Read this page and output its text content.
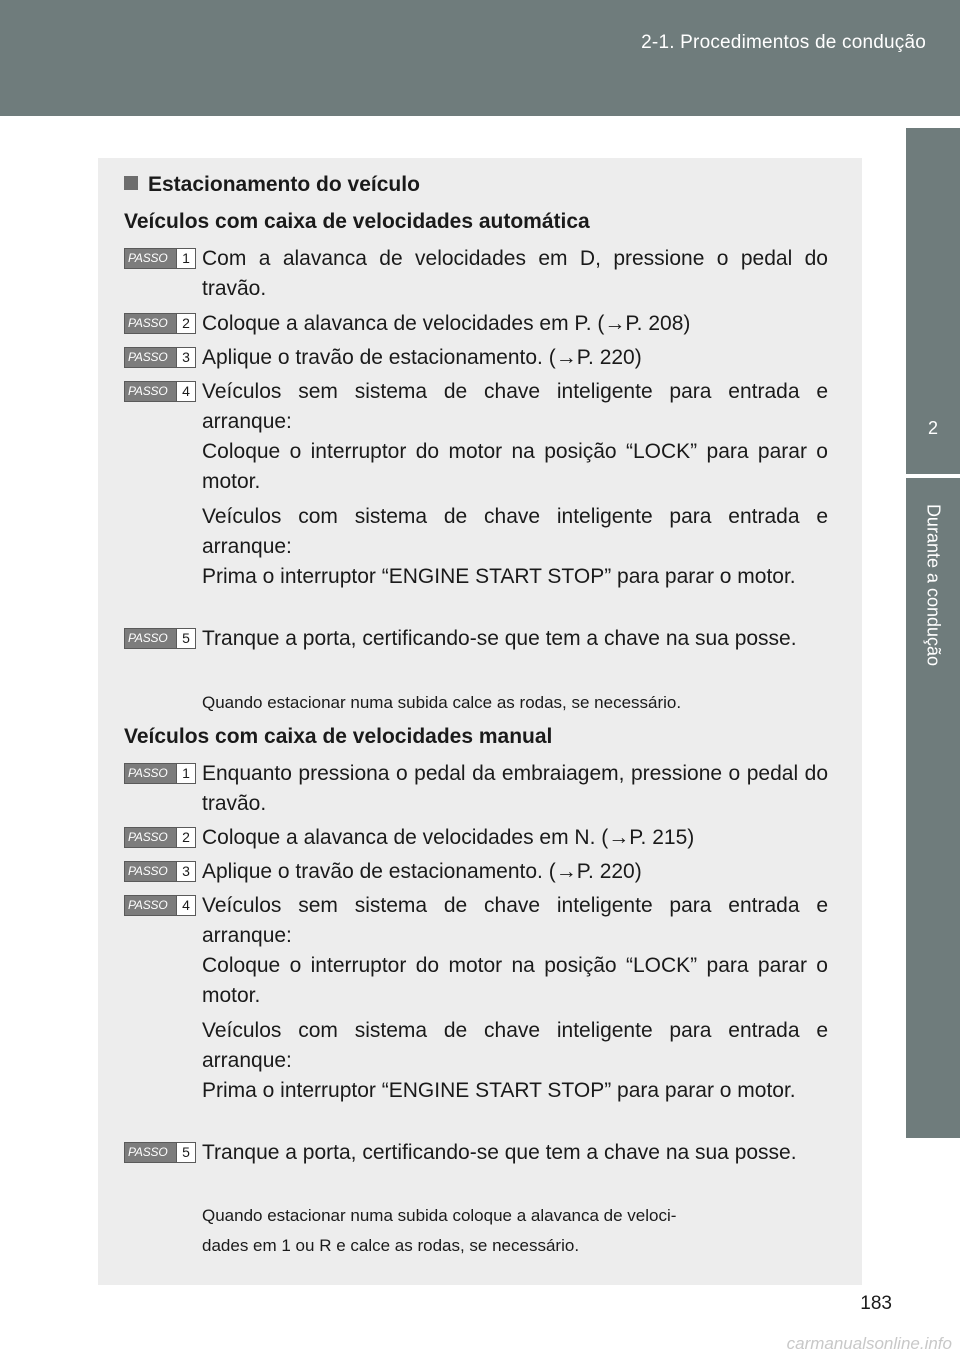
2-1. Procedimentos de condução
2
Durante a condução
Estacionamento do veículo
Veículos com caixa de velocidades automática
PASSO	1 Com a alavanca de velocidades em D, pressione o pedal do travão.
PASSO	2 Coloque a alavanca de velocidades em P. (→P. 208)
PASSO	3 Aplique o travão de estacionamento. (→P. 220)
PASSO	4 Veículos sem sistema de chave inteligente para entrada e arranque:
Coloque o interruptor do motor na posição “LOCK” para parar o motor.
Veículos com sistema de chave inteligente para entrada e arranque:
Prima o interruptor “ENGINE START STOP” para parar o motor.
PASSO	5 Tranque a porta, certificando-se que tem a chave na sua posse.
Quando estacionar numa subida calce as rodas, se necessário.
Veículos com caixa de velocidades manual
PASSO	1 Enquanto pressiona o pedal da embraiagem, pressione o pedal do travão.
PASSO	2 Coloque a alavanca de velocidades em N. (→P. 215)
PASSO	3 Aplique o travão de estacionamento. (→P. 220)
PASSO	4 Veículos sem sistema de chave inteligente para entrada e arranque:
Coloque o interruptor do motor na posição “LOCK” para parar o motor.
Veículos com sistema de chave inteligente para entrada e arranque:
Prima o interruptor “ENGINE START STOP” para parar o motor.
PASSO	5 Tranque a porta, certificando-se que tem a chave na sua posse.
Quando estacionar numa subida coloque a alavanca de veloci-
dades em 1 ou R e calce as rodas, se necessário.
183
carmanualsonline.info
